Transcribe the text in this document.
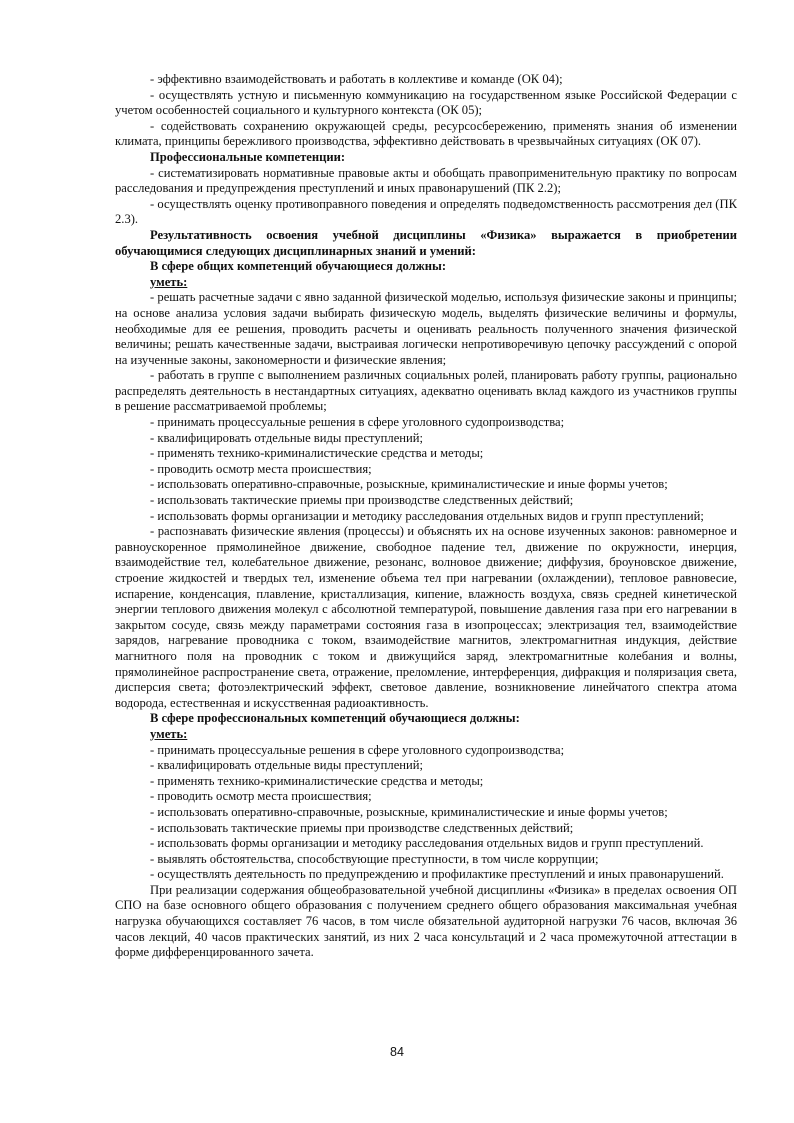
- эффективно взаимодействовать и работать в коллективе и команде (ОК 04);

- осуществлять устную и письменную коммуникацию на государственном языке Российской Федерации с учетом особенностей социального и культурного контекста (ОК 05);

- содействовать сохранению окружающей среды, ресурсосбережению, применять знания об изменении климата, принципы бережливого производства, эффективно действовать в чрезвычайных ситуациях (ОК 07).

Профессиональные компетенции:

- систематизировать нормативные правовые акты и обобщать правоприменительную практику по вопросам расследования и предупреждения преступлений и иных правонарушений (ПК 2.2);

- осуществлять оценку противоправного поведения и определять подведомственность рассмотрения дел (ПК 2.3).

Результативность освоения учебной дисциплины «Физика» выражается в приобретении обучающимися следующих дисциплинарных знаний и умений:

В сфере общих компетенций обучающиеся должны:

уметь:

- решать расчетные задачи с явно заданной физической моделью, используя физические законы и принципы; на основе анализа условия задачи выбирать физическую модель, выделять физические величины и формулы, необходимые для ее решения, проводить расчеты и оценивать реальность полученного значения физической величины; решать качественные задачи, выстраивая логически непротиворечивую цепочку рассуждений с опорой на изученные законы, закономерности и физические явления;

- работать в группе с выполнением различных социальных ролей, планировать работу группы, рационально распределять деятельность в нестандартных ситуациях, адекватно оценивать вклад каждого из участников группы в решение рассматриваемой проблемы;

- принимать процессуальные решения в сфере уголовного судопроизводства;

- квалифицировать отдельные виды преступлений;

- применять технико-криминалистические средства и методы;

- проводить осмотр места происшествия;

- использовать оперативно-справочные, розыскные, криминалистические и иные формы учетов;

- использовать тактические приемы при производстве следственных действий;

- использовать формы организации и методику расследования отдельных видов и групп преступлений;

- распознавать физические явления (процессы) и объяснять их на основе изученных законов: равномерное и равноускоренное прямолинейное движение, свободное падение тел, движение по окружности, инерция, взаимодействие тел, колебательное движение, резонанс, волновое движение; диффузия, броуновское движение, строение жидкостей и твердых тел, изменение объема тел при нагревании (охлаждении), тепловое равновесие, испарение, конденсация, плавление, кристаллизация, кипение, влажность воздуха, связь средней кинетической энергии теплового движения молекул с абсолютной температурой, повышение давления газа при его нагревании в закрытом сосуде, связь между параметрами состояния газа в изопроцессах; электризация тел, взаимодействие зарядов, нагревание проводника с током, взаимодействие магнитов, электромагнитная индукция, действие магнитного поля на проводник с током и движущийся заряд, электромагнитные колебания и волны, прямолинейное распространение света, отражение, преломление, интерференция, дифракция и поляризация света, дисперсия света; фотоэлектрический эффект, световое давление, возникновение линейчатого спектра атома водорода, естественная и искусственная радиоактивность.

В сфере профессиональных компетенций обучающиеся должны:

уметь:

- принимать процессуальные решения в сфере уголовного судопроизводства;

- квалифицировать отдельные виды преступлений;

- применять технико-криминалистические средства и методы;

- проводить осмотр места происшествия;

- использовать оперативно-справочные, розыскные, криминалистические и иные формы учетов;

- использовать тактические приемы при производстве следственных действий;

- использовать формы организации и методику расследования отдельных видов и групп преступлений.

- выявлять обстоятельства, способствующие преступности, в том числе коррупции;

- осуществлять деятельность по предупреждению и профилактике преступлений и иных правонарушений.

При реализации содержания общеобразовательной учебной дисциплины «Физика» в пределах освоения ОП СПО на базе основного общего образования с получением среднего общего образования максимальная учебная нагрузка обучающихся составляет 76 часов, в том числе обязательной аудиторной нагрузки 76 часов, включая 36 часов лекций, 40 часов практических занятий, из них 2 часа консультаций и 2 часа промежуточной аттестации в форме дифференцированного зачета.

84
